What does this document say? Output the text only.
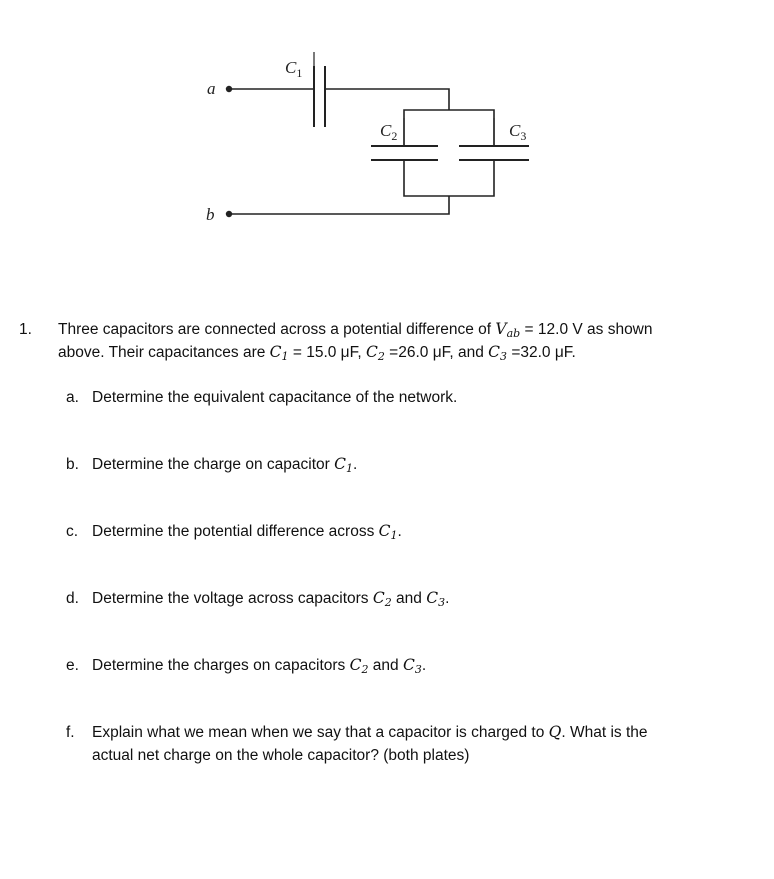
a
b
$C_1$
$C_2$	$C_3$
1. Three capacitors are connected across a potential difference of $V_{ab} = 12.0$ V as shown
above. Their capacitances are $C_1 = 15.0$ μF, $C_2 =26.0$ μF, and $C_3 =32.0$ μF.
a. Determine the equivalent capacitance of the network.
b. Determine the charge on capacitor $C_1$.
c. Determine the potential difference across $C_1$.
d. Determine the voltage across capacitors $C_2$ and $C_3$.
e. Determine the charges on capacitors $C_2$ and $C_3$.
f. Explain what we mean when we say that a capacitor is charged to Q. What is the
actual net charge on the whole capacitor? (both plates)
